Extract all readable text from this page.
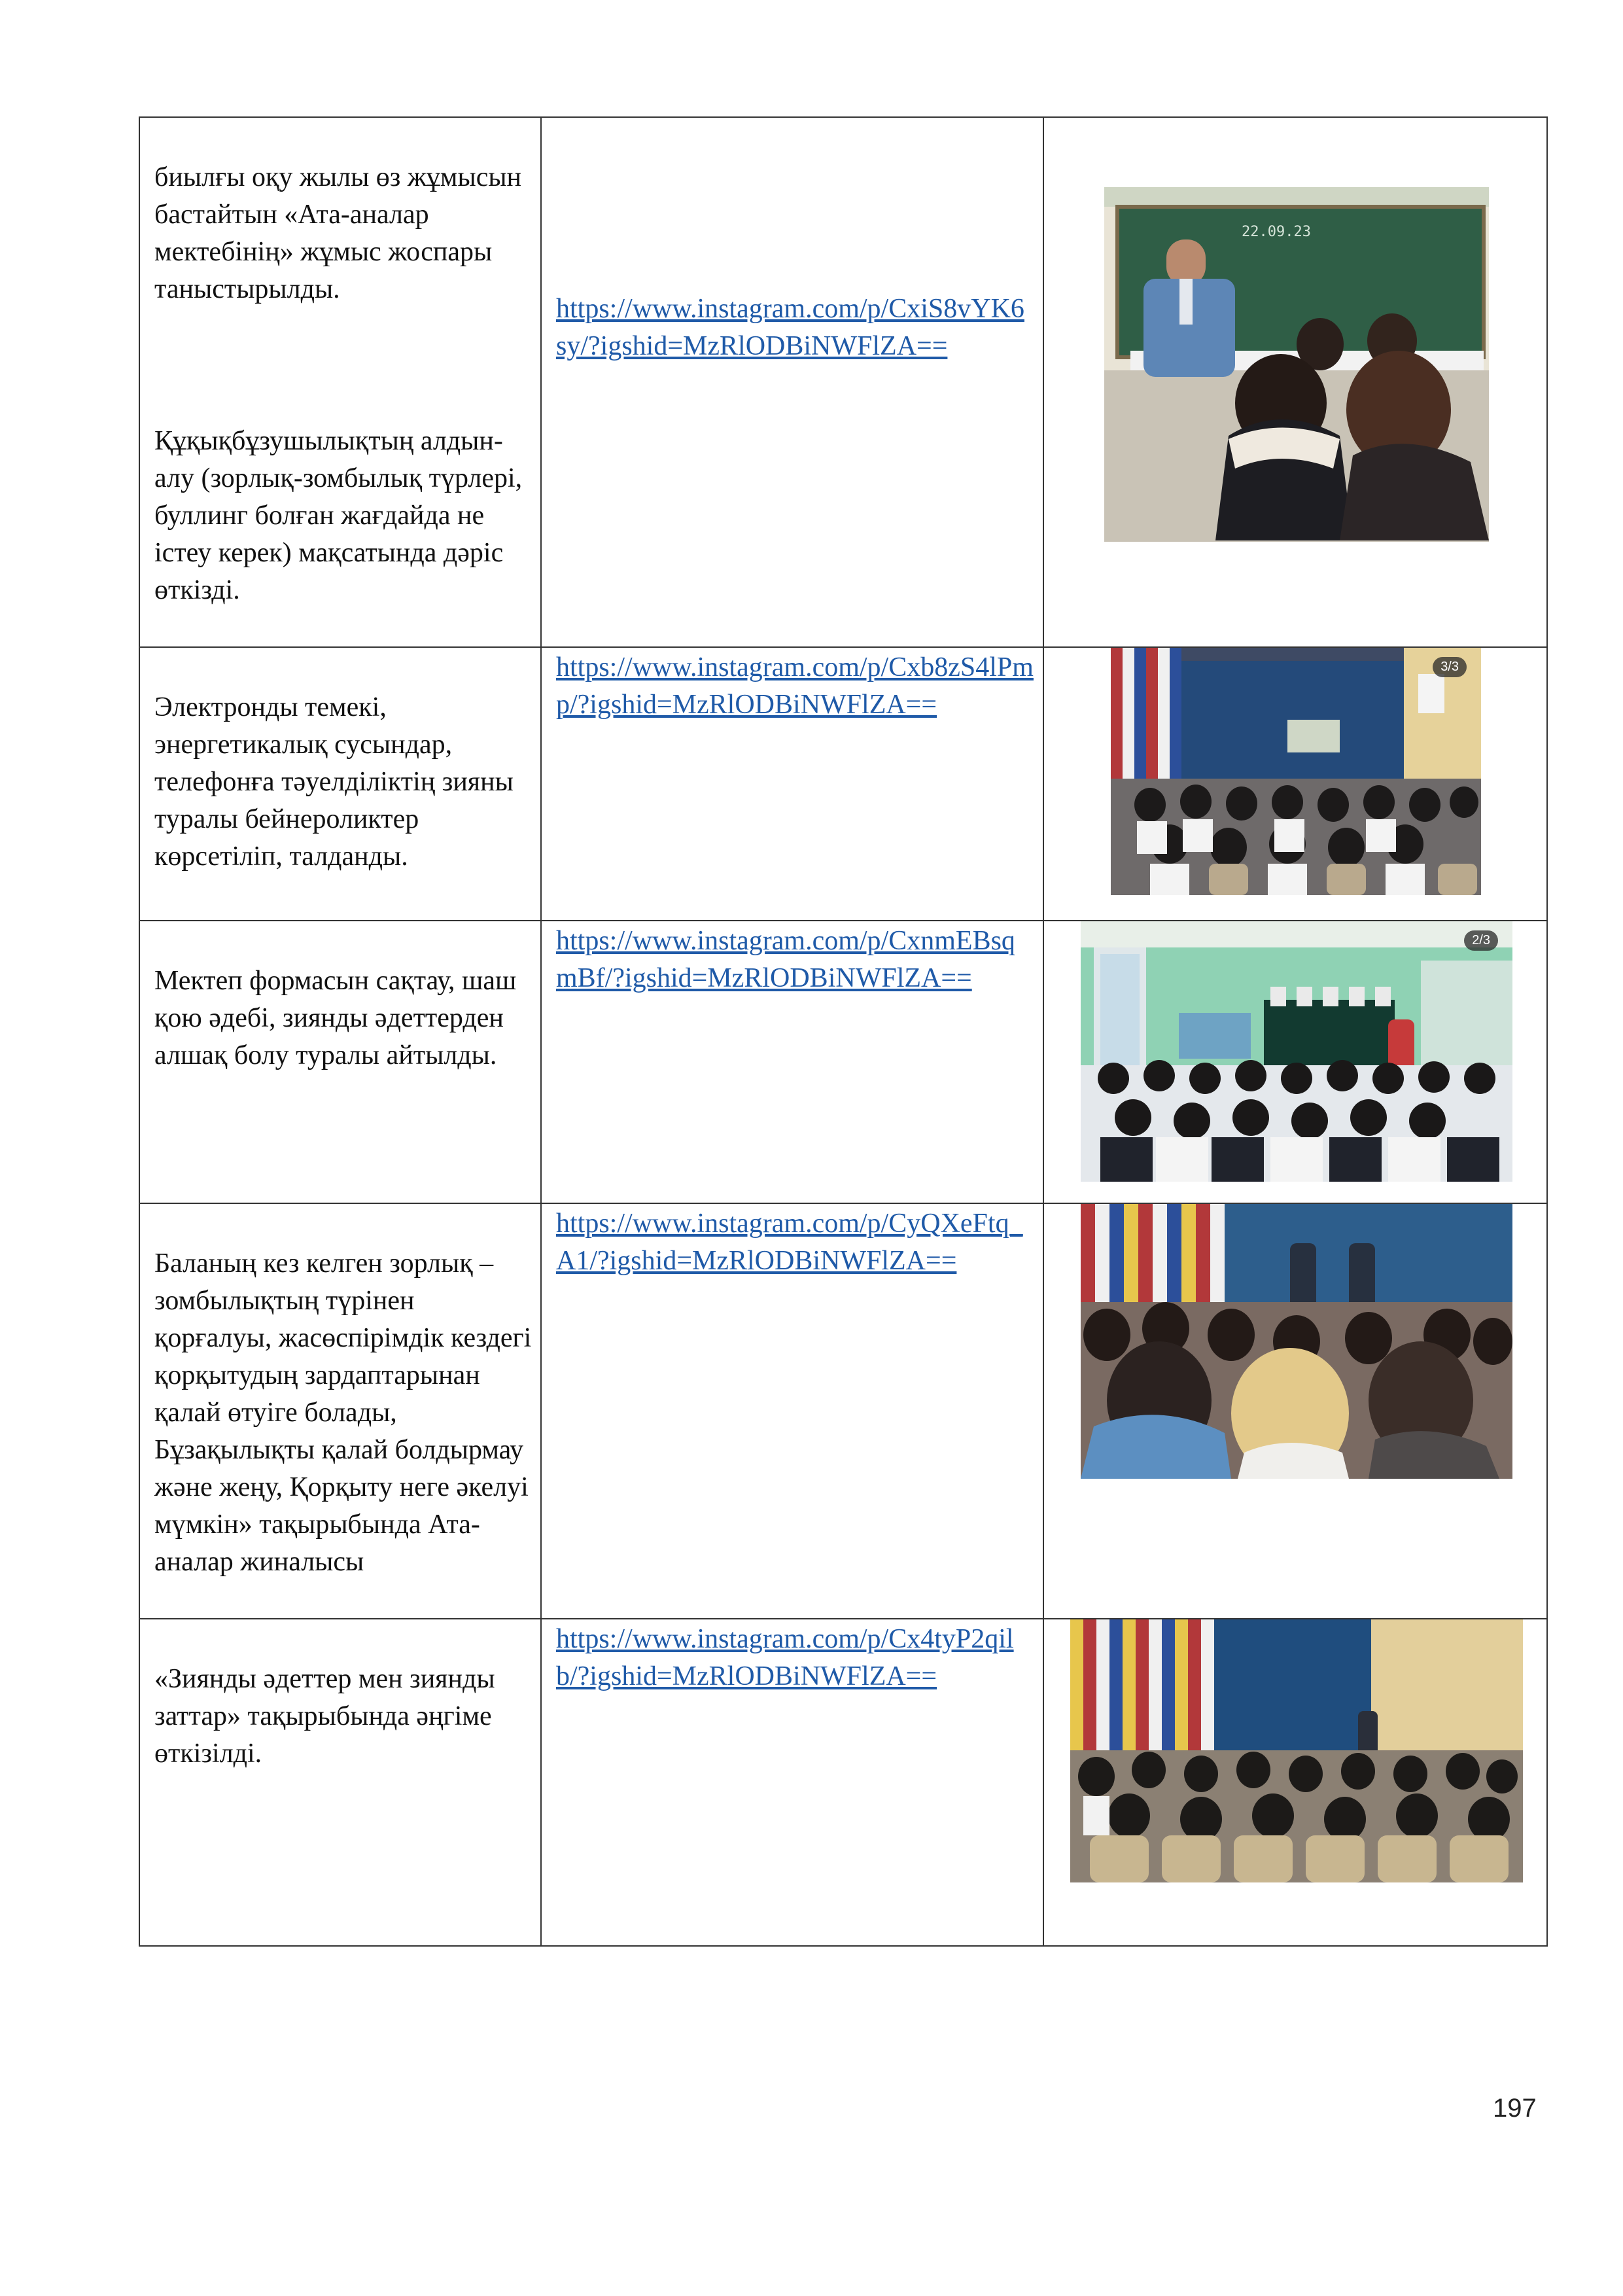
биылғы оқу жылы өз жұмысын бастайтын «Ата-аналар мектебінің» жұмыс жоспары таныстырылды.

Құқықбұзушылықтың алдын-алу (зорлық-зомбылық түрлері, буллинг болған жағдайда не істеу керек) мақсатында дәріс өткізді.	https://www.instagram.com/p/CxiS8vYK6sy/?igshid=MzRlODBiNWFlZA==	22.09.23

Электронды темекі, энергетикалық сусындар, телефонға тәуелділіктің зияны туралы бейнероликтер көрсетіліп, талданды.	https://www.instagram.com/p/Cxb8zS4lPmp/?igshid=MzRlODBiNWFlZA==	3/3

Мектеп формасын сақтау, шаш қою әдебі, зиянды әдеттерден алшақ болу туралы айтылды.	https://www.instagram.com/p/CxnmEBsqmBf/?igshid=MzRlODBiNWFlZA==	2/3

Баланың кез келген зорлық –зомбылықтың түрінен қорғалуы, жасөспірімдік кездегі қорқытудың зардаптарынан қалай өтуіге болады, Бұзақылықты қалай болдырмау және жеңу, Қорқыту неге әкелуі мүмкін» тақырыбында Ата-аналар жиналысы	https://www.instagram.com/p/CyQXeFtq_A1/?igshid=MzRlODBiNWFlZA==

«Зиянды әдеттер мен зиянды заттар» тақырыбында әңгіме өткізілді.	https://www.instagram.com/p/Cx4tyP2qilb/?igshid=MzRlODBiNWFlZA==

197
